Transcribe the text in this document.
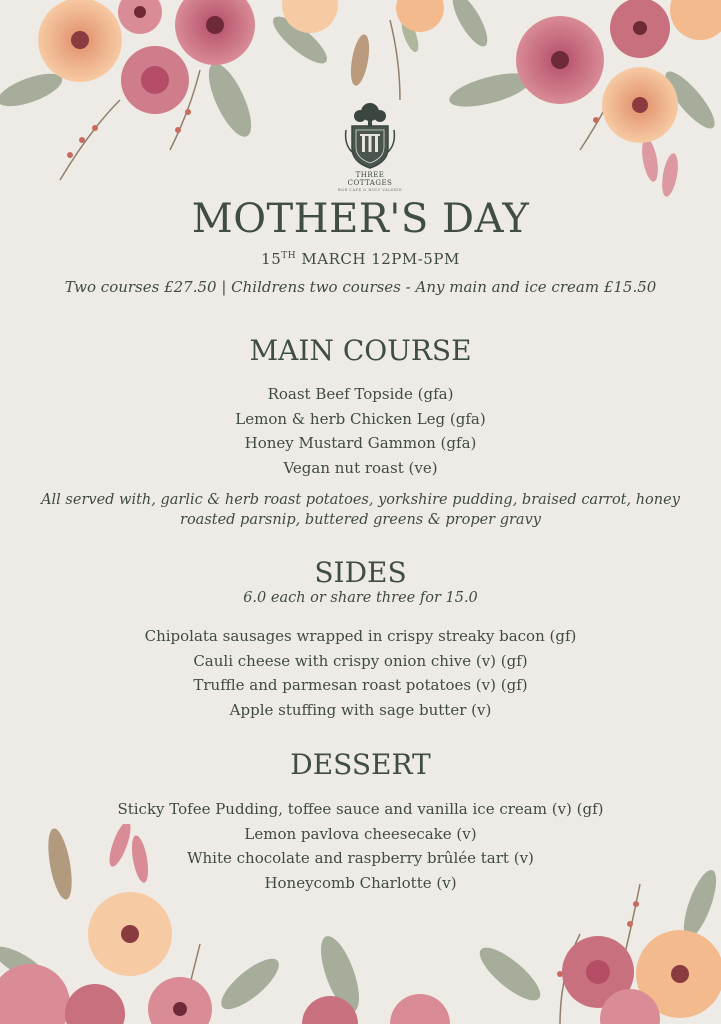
THREE COTTAGES
B&B CAFE & HOLY VALERIE
MOTHER'S DAY
15TH MARCH 12PM-5PM
Two courses £27.50 | Childrens two courses - Any main and ice cream £15.50
MAIN COURSE
Roast Beef Topside (gfa)
Lemon & herb Chicken Leg (gfa)
Honey Mustard Gammon (gfa)
Vegan nut roast (ve)
All served with, garlic & herb roast potatoes, yorkshire pudding, braised carrot, honey
roasted parsnip, buttered greens & proper gravy
SIDES
6.0 each or share three for 15.0
Chipolata sausages wrapped in crispy streaky bacon (gf)
Cauli cheese with crispy onion chive (v) (gf)
Truffle and parmesan roast potatoes (v) (gf)
Apple stuffing with sage butter (v)
DESSERT
Sticky Tofee Pudding, toffee sauce and vanilla ice cream (v) (gf)
Lemon pavlova cheesecake (v)
White chocolate and raspberry brûlée tart (v)
Honeycomb Charlotte (v)
